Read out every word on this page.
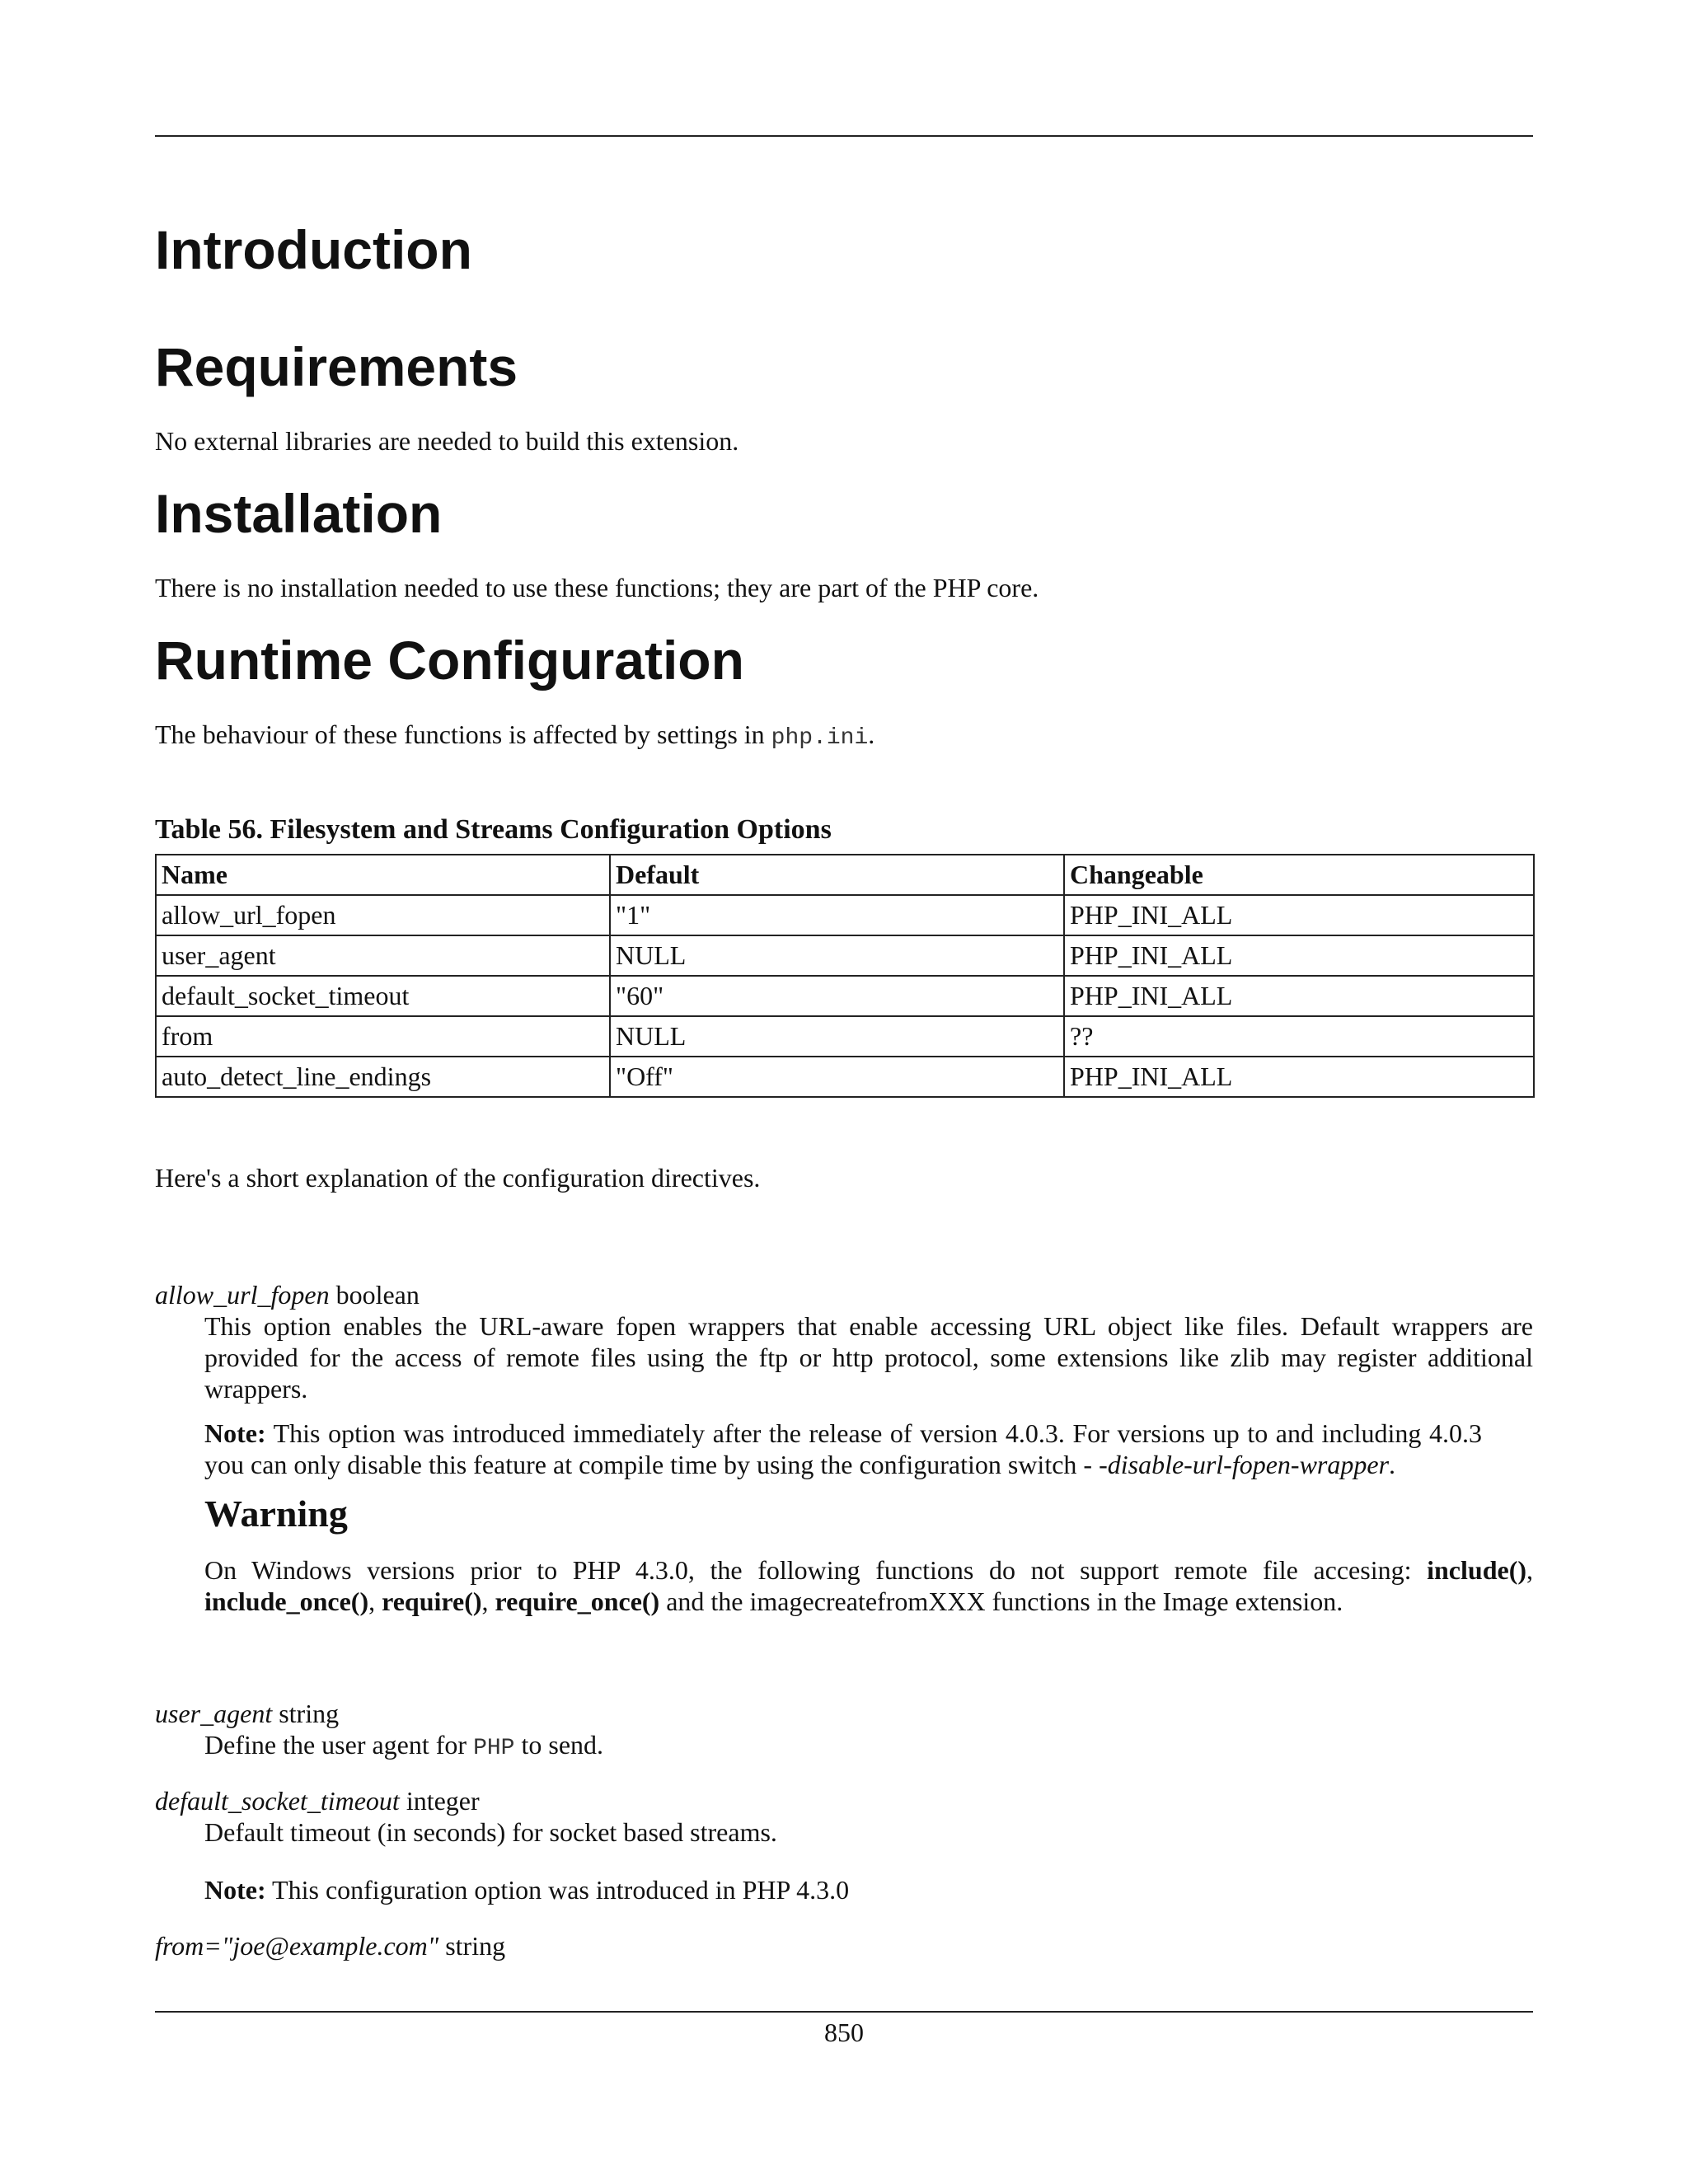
Introduction
Requirements

No external libraries are needed to build this extension.

Installation

There is no installation needed to use these functions; they are part of the PHP core.

Runtime Configuration

The behaviour of these functions is affected by settings in php.ini.

Table 56. Filesystem and Streams Configuration Options
Name	Default	Changeable
allow_url_fopen	"1"	PHP_INI_ALL
user_agent	NULL	PHP_INI_ALL
default_socket_timeout	"60"	PHP_INI_ALL
from	NULL	??
auto_detect_line_endings	"Off"	PHP_INI_ALL

Here's a short explanation of the configuration directives.

allow_url_fopen boolean

This option enables the URL-aware fopen wrappers that enable accessing URL object like files. Default wrappers are provided for the access of remote files using the ftp or http protocol, some extensions like zlib may register additional wrappers.

Note: This option was introduced immediately after the release of version 4.0.3. For versions up to and including 4.0.3 you can only disable this feature at compile time by using the configuration switch - -disable-url-fopen-wrapper.
Warning
On Windows versions prior to PHP 4.3.0, the following functions do not support remote file accesing: include(), include_once(), require(), require_once() and the imagecreatefromXXX functions in the Image extension.
user_agent string
Define the user agent for PHP to send.
default_socket_timeout integer
Default timeout (in seconds) for socket based streams.
Note: This configuration option was introduced in PHP 4.3.0
from="joe@example.com" string
850
